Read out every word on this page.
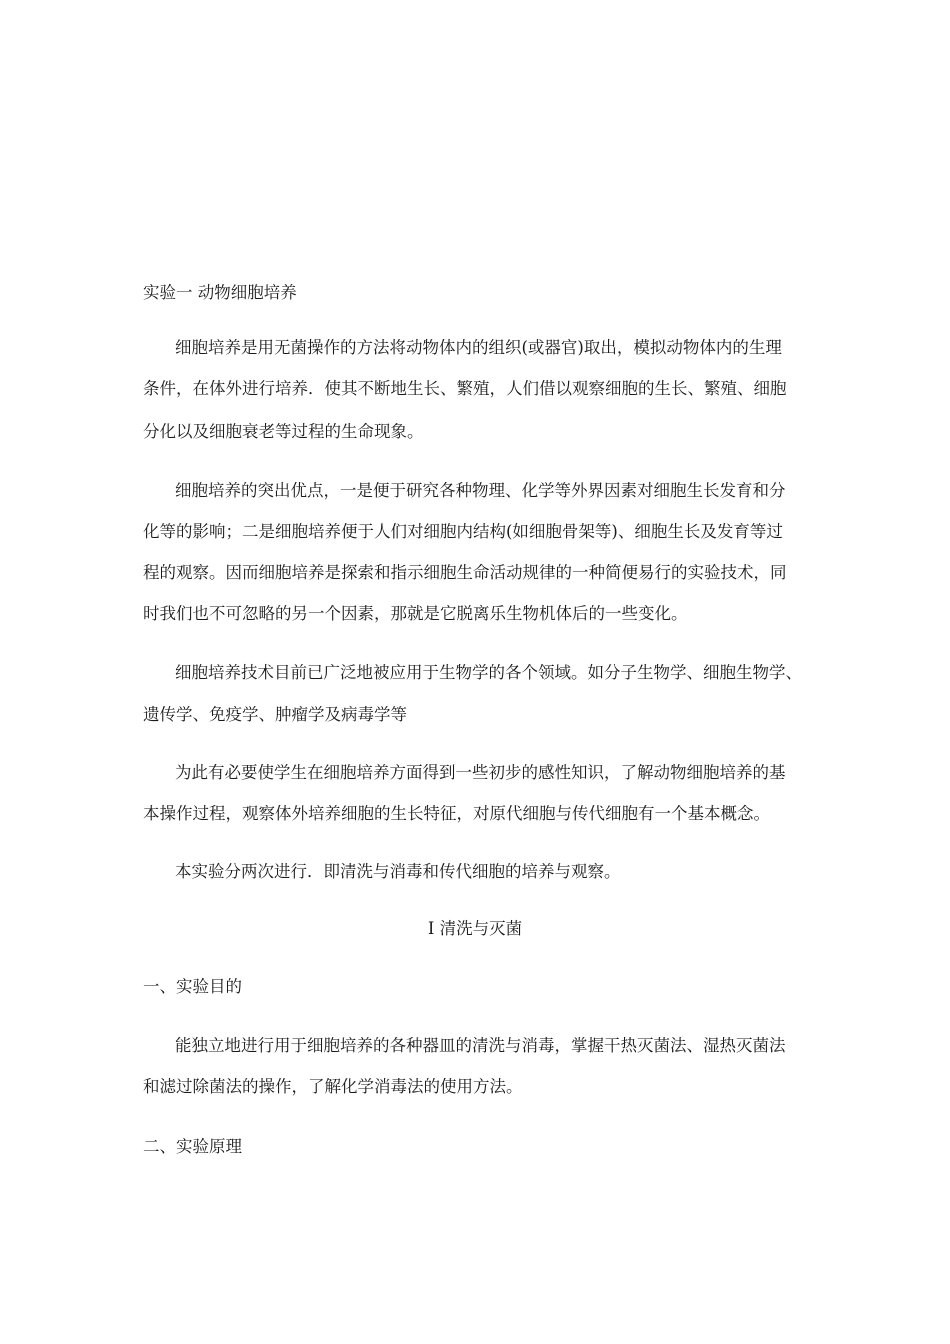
实验一 动物细胞培养
细胞培养是用无菌操作的方法将动物体内的组织(或器官)取出，模拟动物体内的生理
条件，在体外进行培养．使其不断地生长、繁殖，人们借以观察细胞的生长、繁殖、细胞
分化以及细胞衰老等过程的生命现象。
细胞培养的突出优点，一是便于研究各种物理、化学等外界因素对细胞生长发育和分
化等的影响；二是细胞培养便于人们对细胞内结构(如细胞骨架等)、细胞生长及发育等过
程的观察。因而细胞培养是探索和指示细胞生命活动规律的一种简便易行的实验技术，同
时我们也不可忽略的另一个因素，那就是它脱离乐生物机体后的一些变化。
细胞培养技术目前已广泛地被应用于生物学的各个领域。如分子生物学、细胞生物学、
遗传学、免疫学、肿瘤学及病毒学等
为此有必要使学生在细胞培养方面得到一些初步的感性知识，了解动物细胞培养的基
本操作过程，观察体外培养细胞的生长特征，对原代细胞与传代细胞有一个基本概念。
本实验分两次进行．即清洗与消毒和传代细胞的培养与观察。
Ⅰ 清洗与灭菌
一、实验目的
能独立地进行用于细胞培养的各种器皿的清洗与消毒，掌握干热灭菌法、湿热灭菌法
和滤过除菌法的操作，了解化学消毒法的使用方法。
二、实验原理
